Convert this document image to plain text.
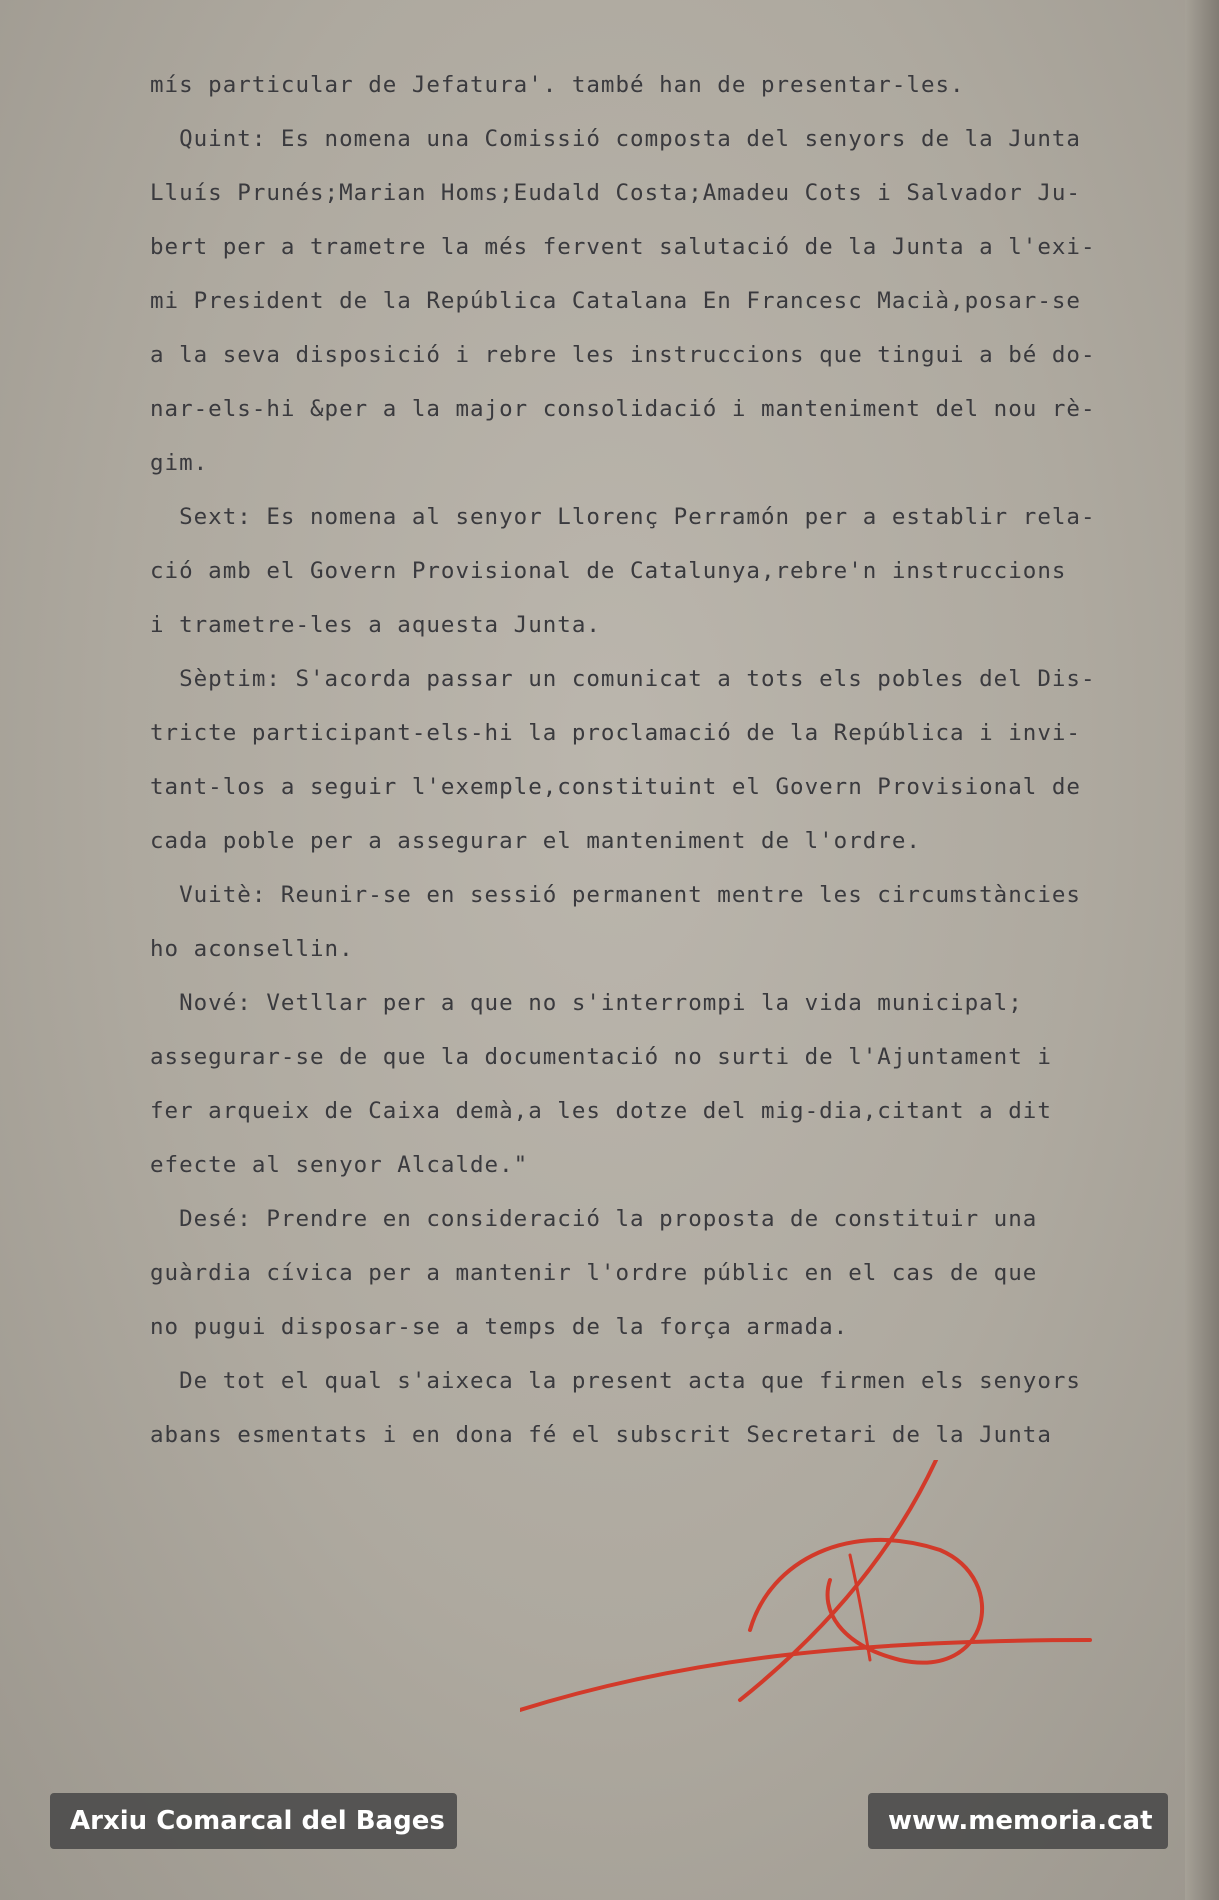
mís particular de Jefatura'. també han de presentar-les.

Quint: Es nomena una Comissió composta del senyors de la Junta

Lluís Prunés;Marian Homs;Eudald Costa;Amadeu Cots i Salvador Ju-

bert per a trametre la més fervent salutació de la Junta a l'exi-

mi President de la República Catalana En Francesc Macià,posar-se

a la seva disposició i rebre les instruccions que tingui a bé do-

nar-els-hi &per a la major consolidació i manteniment del nou rè-

gim.

Sext: Es nomena al senyor Llorenç Perramón per a establir rela-

ció amb el Govern Provisional de Catalunya,rebre'n instruccions

i trametre-les a aquesta Junta.

Sèptim: S'acorda passar un comunicat a tots els pobles del Dis-

tricte participant-els-hi la proclamació de la República i invi-

tant-los a seguir l'exemple,constituint el Govern Provisional de

cada poble per a assegurar el manteniment de l'ordre.

Vuitè: Reunir-se en sessió permanent mentre les circumstàncies

ho aconsellin.

Nové: Vetllar per a que no s'interrompi la vida municipal;

assegurar-se de que la documentació no surti de l'Ajuntament i

fer arqueix de Caixa demà,a les dotze del mig-dia,citant a dit

efecte al senyor Alcalde."

Desé: Prendre en consideració la proposta de constituir una

guàrdia cívica per a mantenir l'ordre públic en el cas de que

no pugui disposar-se a temps de la força armada.

De tot el qual s'aixeca la present acta que firmen els senyors

abans esmentats i en dona fé el subscrit Secretari de la Junta

Arxiu Comarcal del Bages	www.memoria.cat
